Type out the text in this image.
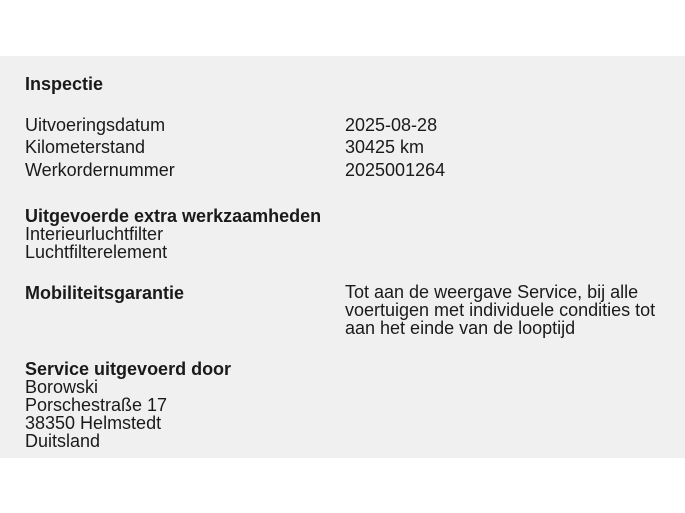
Inspectie
Uitvoeringsdatum	2025-08-28
Kilometerstand	30425 km
Werkordernummer	2025001264
Uitgevoerde extra werkzaamheden
Interieurluchtfilter
Luchtfilterelement
Mobiliteitsgarantie	Tot aan de weergave Service, bij alle voertuigen met individuele condities tot aan het einde van de looptijd
Service uitgevoerd door
Borowski
Porschestraße 17
38350 Helmstedt
Duitsland
